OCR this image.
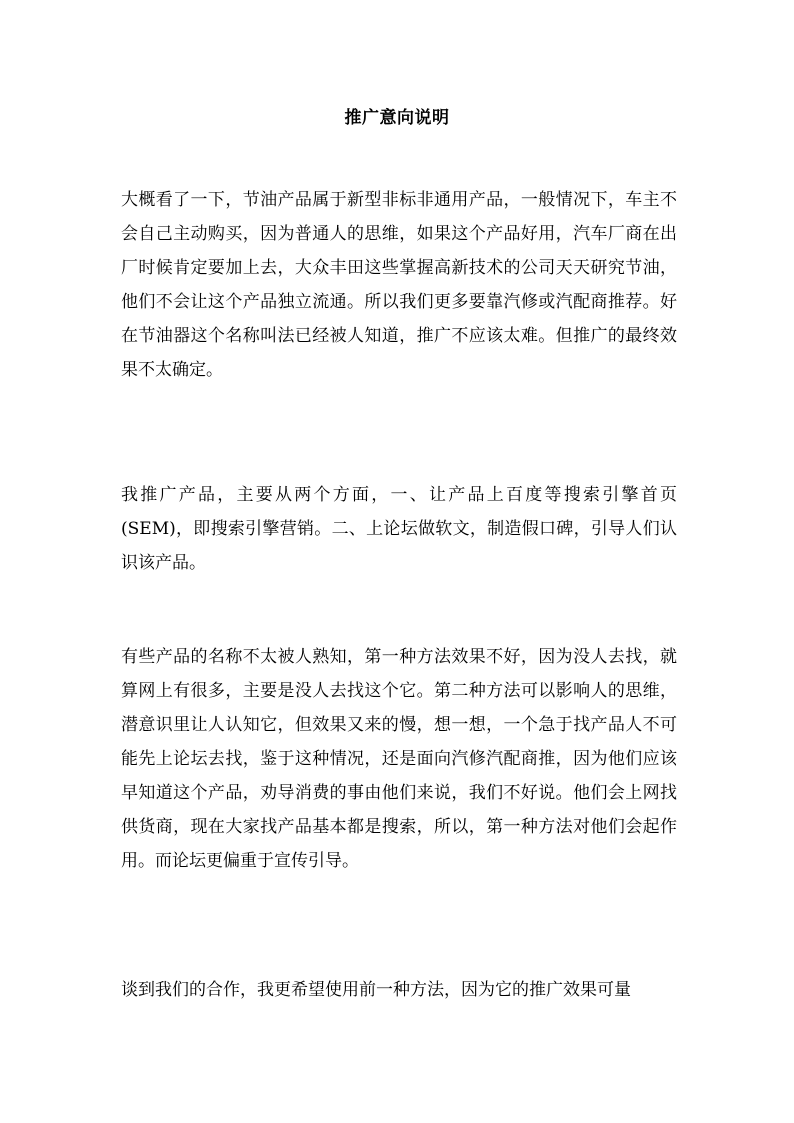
推广意向说明
大概看了一下，节油产品属于新型非标非通用产品，一般情况下，车主不会自己主动购买，因为普通人的思维，如果这个产品好用，汽车厂商在出厂时候肯定要加上去，大众丰田这些掌握高新技术的公司天天研究节油，他们不会让这个产品独立流通。所以我们更多要靠汽修或汽配商推荐。好在节油器这个名称叫法已经被人知道，推广不应该太难。但推广的最终效果不太确定。
我推广产品，主要从两个方面，一、让产品上百度等搜索引擎首页(SEM)，即搜索引擎营销。二、上论坛做软文，制造假口碑，引导人们认识该产品。
有些产品的名称不太被人熟知，第一种方法效果不好，因为没人去找，就算网上有很多，主要是没人去找这个它。第二种方法可以影响人的思维，潜意识里让人认知它，但效果又来的慢，想一想，一个急于找产品人不可能先上论坛去找，鉴于这种情况，还是面向汽修汽配商推，因为他们应该早知道这个产品，劝导消费的事由他们来说，我们不好说。他们会上网找供货商，现在大家找产品基本都是搜索，所以，第一种方法对他们会起作用。而论坛更偏重于宣传引导。
谈到我们的合作，我更希望使用前一种方法，因为它的推广效果可量
